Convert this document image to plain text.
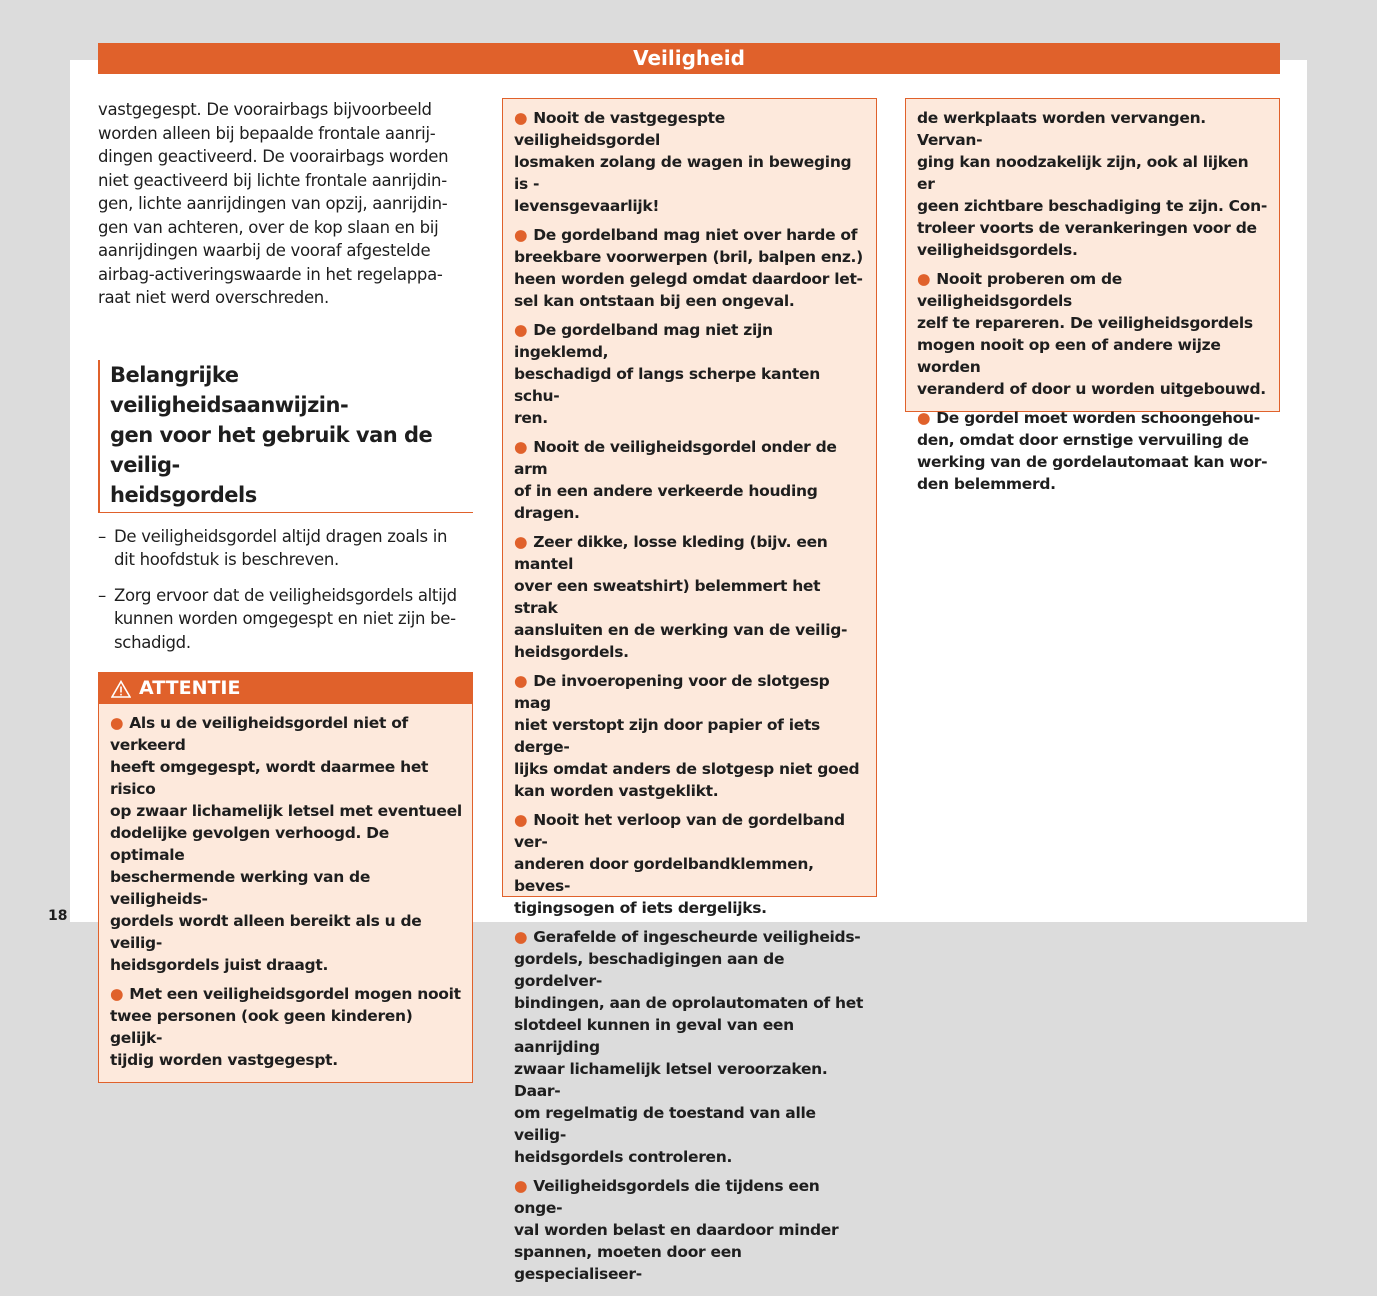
Veiligheid
vastgegespt. De voorairbags bijvoorbeeld
worden alleen bij bepaalde frontale aanrij-
dingen geactiveerd. De voorairbags worden
niet geactiveerd bij lichte frontale aanrijdin-
gen, lichte aanrijdingen van opzij, aanrijdin-
gen van achteren, over de kop slaan en bij
aanrijdingen waarbij de vooraf afgestelde
airbag-activeringswaarde in het regelappa-
raat niet werd overschreden.
Belangrijke veiligheidsaanwijzin-
gen voor het gebruik van de veilig-
heidsgordels
– De veiligheidsgordel altijd dragen zoals in
dit hoofdstuk is beschreven.
– Zorg ervoor dat de veiligheidsgordels altijd
kunnen worden omgegespt en niet zijn be-
schadigd.
ATTENTIE
● Als u de veiligheidsgordel niet of verkeerd
heeft omgegespt, wordt daarmee het risico
op zwaar lichamelijk letsel met eventueel
dodelijke gevolgen verhoogd. De optimale
beschermende werking van de veiligheids-
gordels wordt alleen bereikt als u de veilig-
heidsgordels juist draagt.
● Met een veiligheidsgordel mogen nooit
twee personen (ook geen kinderen) gelijk-
tijdig worden vastgegespt.
● Nooit de vastgegespte veiligheidsgordel
losmaken zolang de wagen in beweging is -
levensgevaarlijk!
● De gordelband mag niet over harde of
breekbare voorwerpen (bril, balpen enz.)
heen worden gelegd omdat daardoor let-
sel kan ontstaan bij een ongeval.
● De gordelband mag niet zijn ingeklemd,
beschadigd of langs scherpe kanten schu-
ren.
● Nooit de veiligheidsgordel onder de arm
of in een andere verkeerde houding dragen.
● Zeer dikke, losse kleding (bijv. een mantel
over een sweatshirt) belemmert het strak
aansluiten en de werking van de veilig-
heidsgordels.
● De invoeropening voor de slotgesp mag
niet verstopt zijn door papier of iets derge-
lijks omdat anders de slotgesp niet goed
kan worden vastgeklikt.
● Nooit het verloop van de gordelband ver-
anderen door gordelbandklemmen, beves-
tigingsogen of iets dergelijks.
● Gerafelde of ingescheurde veiligheids-
gordels, beschadigingen aan de gordelver-
bindingen, aan de oprolautomaten of het
slotdeel kunnen in geval van een aanrijding
zwaar lichamelijk letsel veroorzaken. Daar-
om regelmatig de toestand van alle veilig-
heidsgordels controleren.
● Veiligheidsgordels die tijdens een onge-
val worden belast en daardoor minder
spannen, moeten door een gespecialiseer-
de werkplaats worden vervangen. Vervan-
ging kan noodzakelijk zijn, ook al lijken er
geen zichtbare beschadiging te zijn. Con-
troleer voorts de verankeringen voor de
veiligheidsgordels.
● Nooit proberen om de veiligheidsgordels
zelf te repareren. De veiligheidsgordels
mogen nooit op een of andere wijze worden
veranderd of door u worden uitgebouwd.
● De gordel moet worden schoongehou-
den, omdat door ernstige vervuiling de
werking van de gordelautomaat kan wor-
den belemmerd.
18
